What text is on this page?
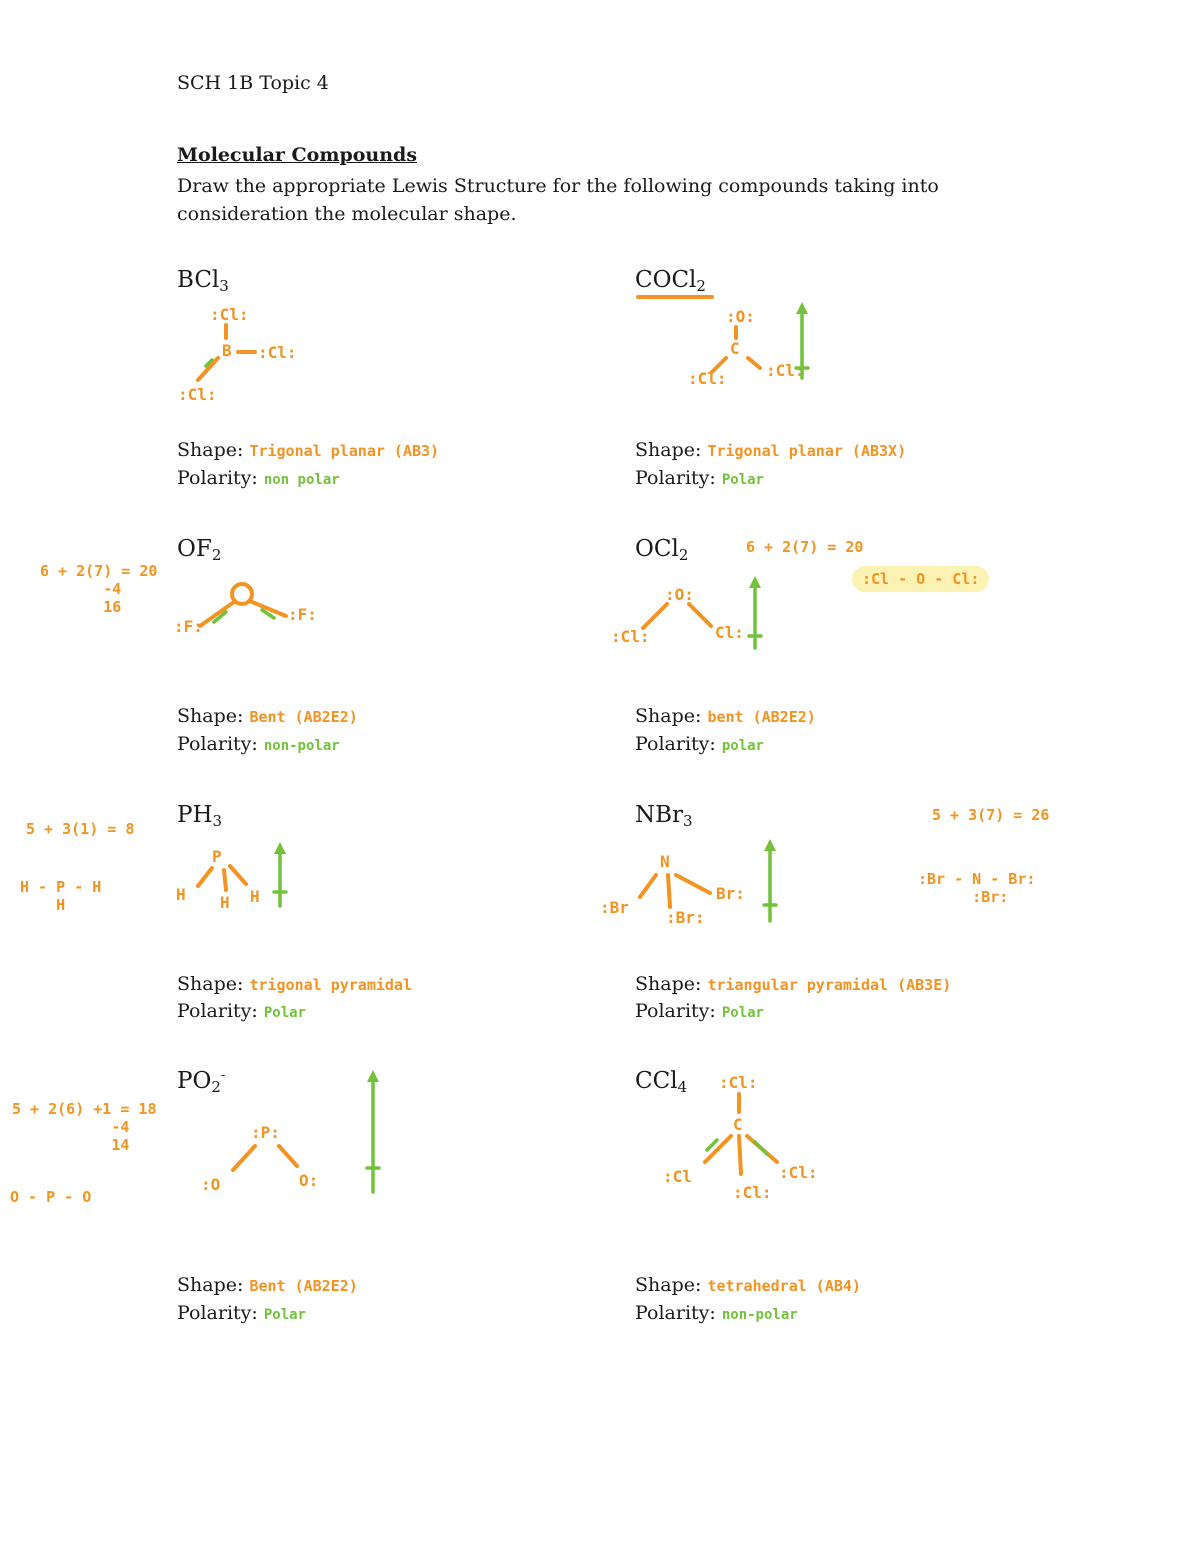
SCH 1B Topic 4
Molecular Compounds
Draw the appropriate Lewis Structure for the following compounds taking into consideration the molecular shape.
BCl$_3$
:Cl:
B :Cl:
:Cl:
Shape: Trigonal planar (AB3)
Polarity: non polar
COCl$_2$
:O:
C
:Cl: :Cl:
Shape: Trigonal planar (AB3X)
Polarity: Polar
$OF_2$
6 + 2(7) = 20
-4
16
:F:
:F:
Shape: Bent (AB2E2)
Polarity: non-polar
OCl$_2$	6 + 2(7) = 20
:Cl - O - Cl:
:O:
:Cl:	Cl:
Shape: bent (AB2E2)
Polarity: polar
$PH_3$
5 + 3(1) = 8
H - P - H
H
P
H H H
Shape: trigonal pyramidal
Polarity: Polar
NBr$_3$	5 + 3(7) = 26
:Br - N - Br:
:Br:
N
:Br
:Br:
Br:
Shape: triangular pyramidal (AB3E)
Polarity: Polar
$PO_2^-$
5 + 2(6) +1 = 18
-4
14
O - P - O
:P:
:O	O:
Shape: Bent (AB2E2)
Polarity: Polar
CCl$_4$ :Cl:
C
:Cl
:Cl:
:Cl:
Shape: tetrahedral (AB4)
Polarity: non-polar
